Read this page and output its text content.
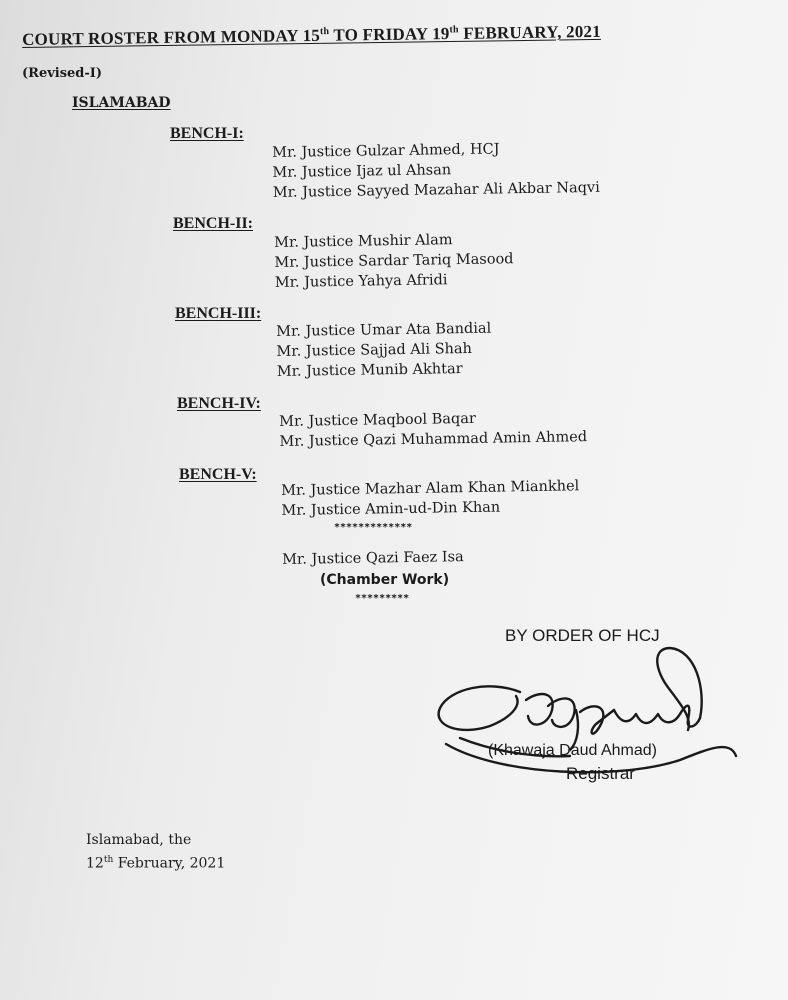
COURT ROSTER FROM MONDAY 15th TO FRIDAY 19th FEBRUARY, 2021
(Revised-I)
ISLAMABAD
BENCH-I:
Mr. Justice Gulzar Ahmed, HCJ
Mr. Justice Ijaz ul Ahsan
Mr. Justice Sayyed Mazahar Ali Akbar Naqvi
BENCH-II:
Mr. Justice Mushir Alam
Mr. Justice Sardar Tariq Masood
Mr. Justice Yahya Afridi
BENCH-III:
Mr. Justice Umar Ata Bandial
Mr. Justice Sajjad Ali Shah
Mr. Justice Munib Akhtar
BENCH-IV:
Mr. Justice Maqbool Baqar
Mr. Justice Qazi Muhammad Amin Ahmed
BENCH-V:
Mr. Justice Mazhar Alam Khan Miankhel
Mr. Justice Amin-ud-Din Khan
*************
Mr. Justice Qazi Faez Isa
(Chamber Work)
*********
BY ORDER OF HCJ
(Khawaja Daud Ahmad)
Registrar
Islamabad, the
12th February, 2021
